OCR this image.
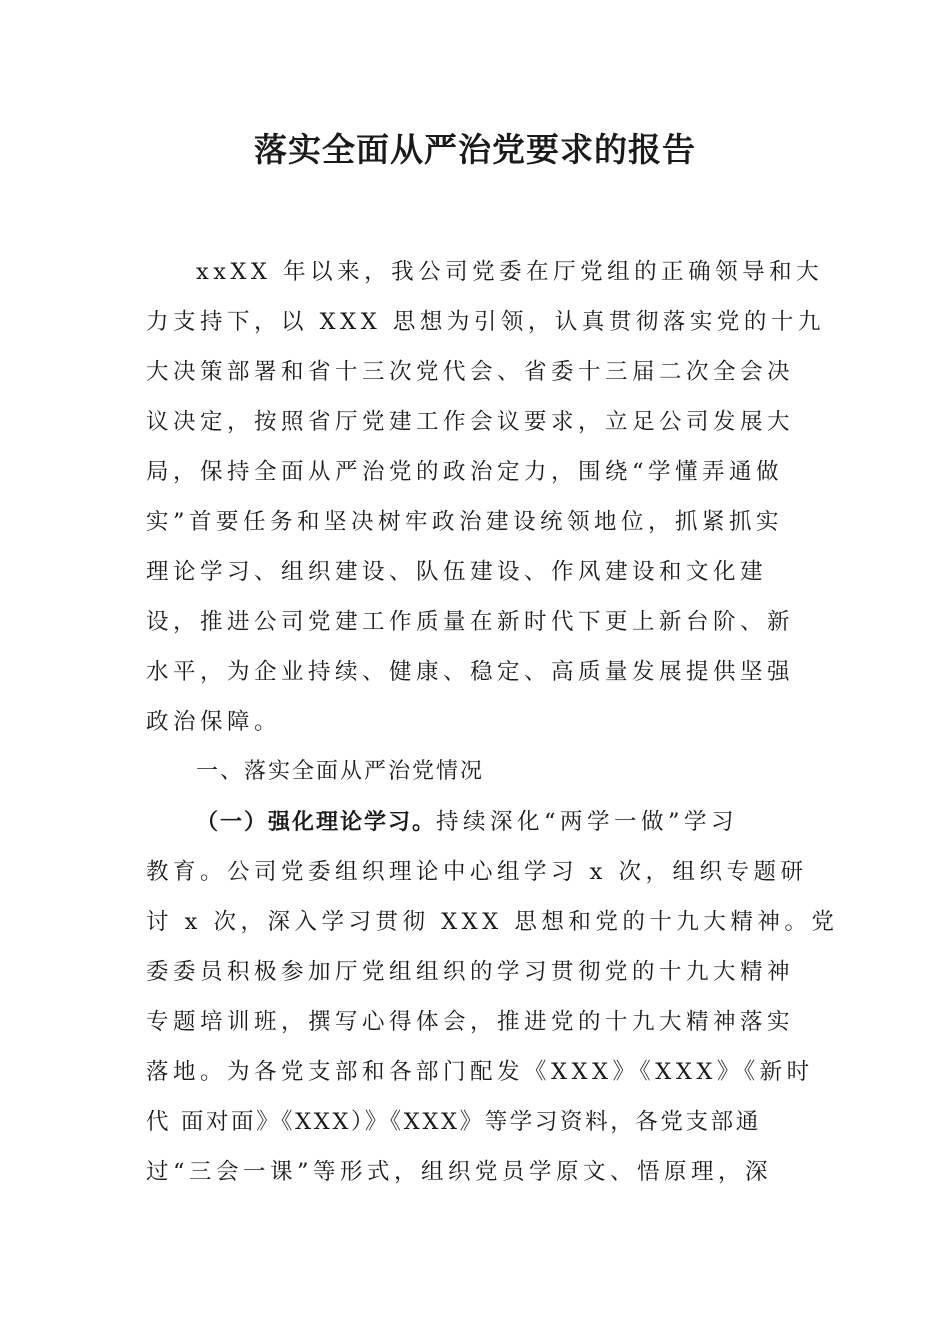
落实全面从严治党要求的报告
xxXX 年以来，我公司党委在厅党组的正确领导和大
力支持下，以 XXX 思想为引领，认真贯彻落实党的十九
大决策部署和省十三次党代会、省委十三届二次全会决
议决定，按照省厅党建工作会议要求，立足公司发展大
局，保持全面从严治党的政治定力，围绕“学懂弄通做
实”首要任务和坚决树牢政治建设统领地位，抓紧抓实
理论学习、组织建设、队伍建设、作风建设和文化建
设，推进公司党建工作质量在新时代下更上新台阶、新
水平，为企业持续、健康、稳定、高质量发展提供坚强
政治保障。
一、落实全面从严治党情况
（一）强化理论学习。持续深化“两学一做”学习
教育。公司党委组织理论中心组学习 x 次，组织专题研
讨 x 次，深入学习贯彻 XXX 思想和党的十九大精神。党
委委员积极参加厅党组组织的学习贯彻党的十九大精神
专题培训班，撰写心得体会，推进党的十九大精神落实
落地。为各党支部和各部门配发《XXX》《XXX》《新时
代 面对面》《XXX）》《XXX》等学习资料，各党支部通
过“三会一课”等形式，组织党员学原文、悟原理，深
